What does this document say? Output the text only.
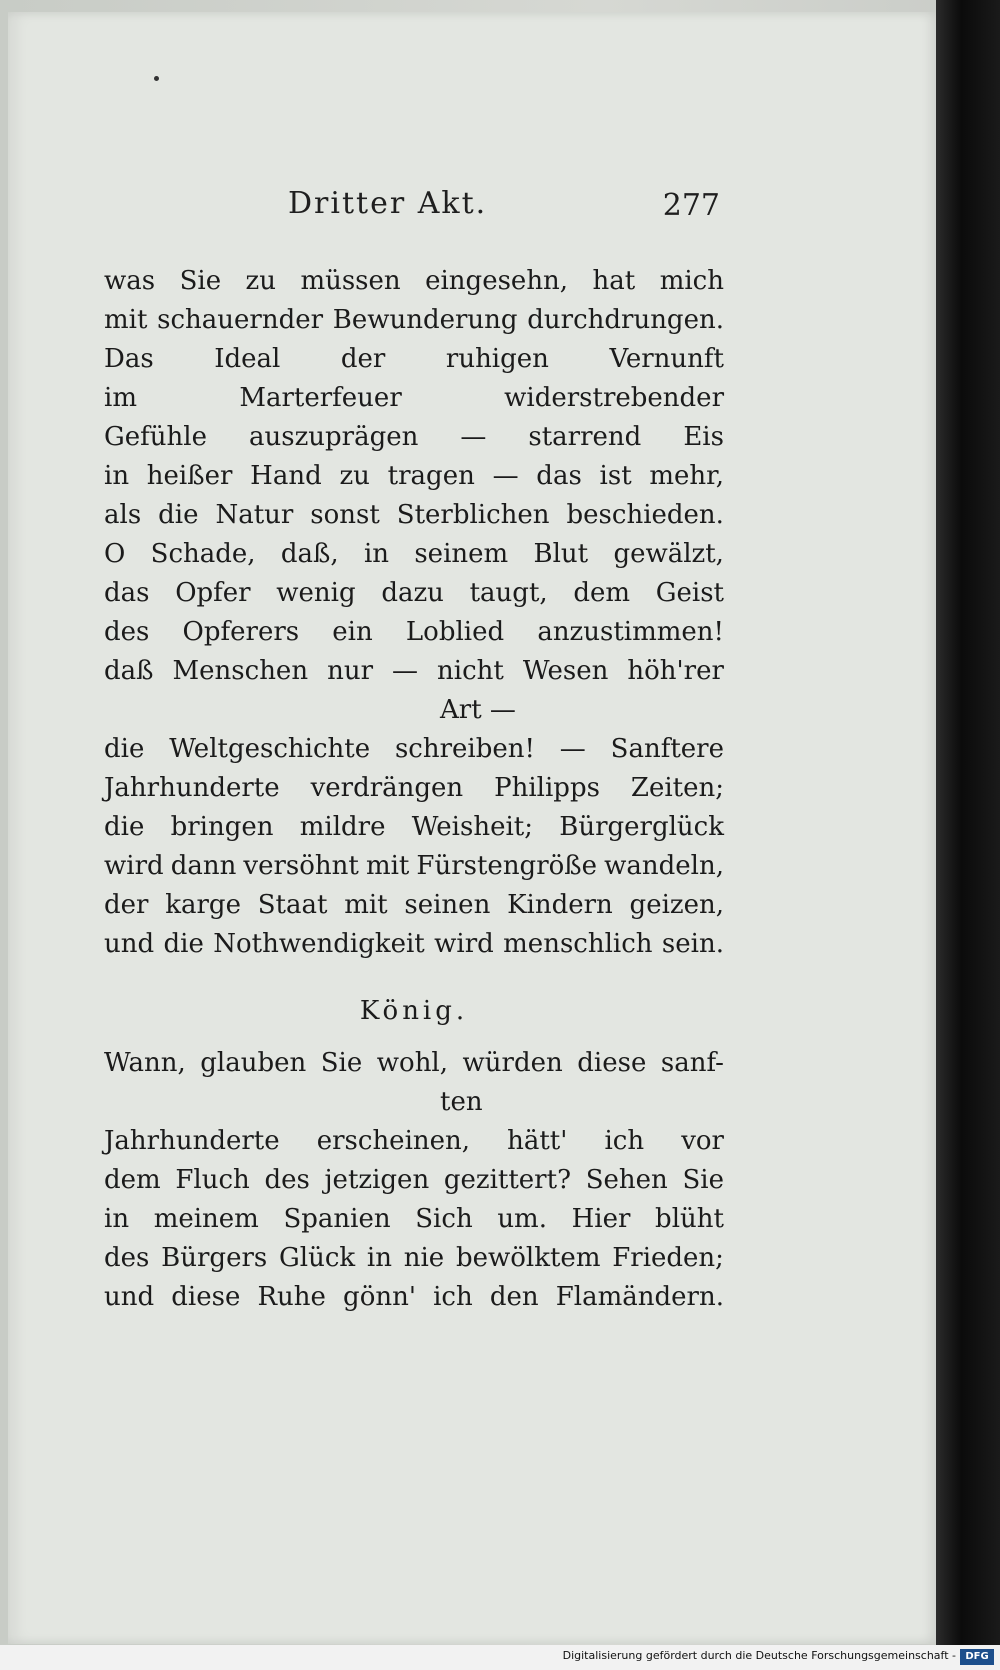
Dritter Akt.	277
was Sie zu müssen eingesehn, hat mich
mit schauernder Bewunderung durchdrungen.
Das Ideal der ruhigen Vernunft
im	Marterfeuer	widerstrebender
Gefühle auszuprägen — starrend Eis
in heißer Hand zu tragen — das ist mehr,
als die Natur sonst Sterblichen beschieden.
O Schade, daß, in seinem Blut gewälzt,
das Opfer wenig dazu taugt, dem Geist
des Opferers ein Loblied anzustimmen!
daß Menschen nur — nicht Wesen höh'rer
Art —
die Weltgeschichte schreiben! — Sanftere
Jahrhunderte verdrängen Philipps Zeiten;
die bringen mildre Weisheit; Bürgerglück
wird dann versöhnt mit Fürstengröße wandeln,
der karge Staat mit seinen Kindern geizen,
und die Nothwendigkeit wird menschlich sein.
König.
Wann, glauben Sie wohl, würden diese sanf-
ten
Jahrhunderte erscheinen, hätt' ich vor
dem Fluch des jetzigen gezittert? Sehen Sie
in meinem Spanien Sich um. Hier blüht
des Bürgers Glück in nie bewölktem Frieden;
und diese Ruhe gönn' ich den Flamändern.
Digitalisierung gefördert durch die Deutsche Forschungsgemeinschaft - DFG
